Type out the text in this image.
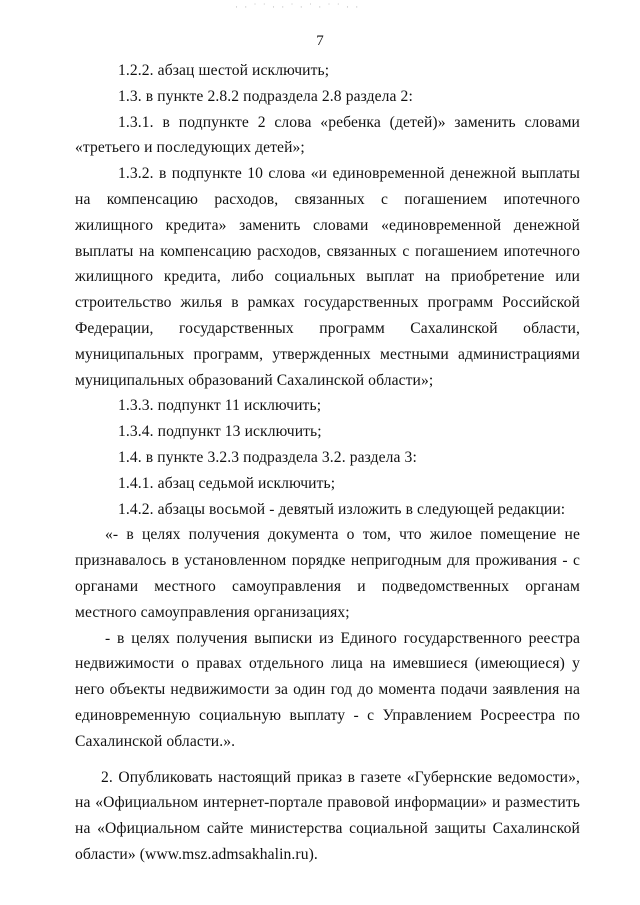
· · ˙ ˙ · · ˙ · ˙ · ˙ ˙ · ·
7

1.2.2. абзац шестой исключить;

1.3. в пункте 2.8.2 подраздела 2.8 раздела 2:

1.3.1. в подпункте 2 слова «ребенка (детей)» заменить словами «третьего и последующих детей»;

1.3.2. в подпункте 10 слова «и единовременной денежной выплаты на компенсацию расходов, связанных с погашением ипотечного жилищного кредита» заменить словами «единовременной денежной выплаты на компенсацию расходов, связанных с погашением ипотечного жилищного кредита, либо социальных выплат на приобретение или строительство жилья в рамках государственных программ Российской Федерации, государственных программ Сахалинской области, муниципальных программ, утвержденных местными администрациями муниципальных образований Сахалинской области»;

1.3.3. подпункт 11 исключить;

1.3.4. подпункт 13 исключить;

1.4. в пункте 3.2.3 подраздела 3.2. раздела 3:

1.4.1. абзац седьмой исключить;

1.4.2. абзацы восьмой - девятый изложить в следующей редакции:

«- в целях получения документа о том, что жилое помещение не признавалось в установленном порядке непригодным для проживания - с органами местного самоуправления и подведомственных органам местного самоуправления организациях;

- в целях получения выписки из Единого государственного реестра недвижимости о правах отдельного лица на имевшиеся (имеющиеся) у него объекты недвижимости за один год до момента подачи заявления на единовременную социальную выплату - с Управлением Росреестра по Сахалинской области.».

2. Опубликовать настоящий приказ в газете «Губернские ведомости», на «Официальном интернет-портале правовой информации» и разместить на «Официальном сайте министерства социальной защиты Сахалинской области» (www.msz.admsakhalin.ru).
